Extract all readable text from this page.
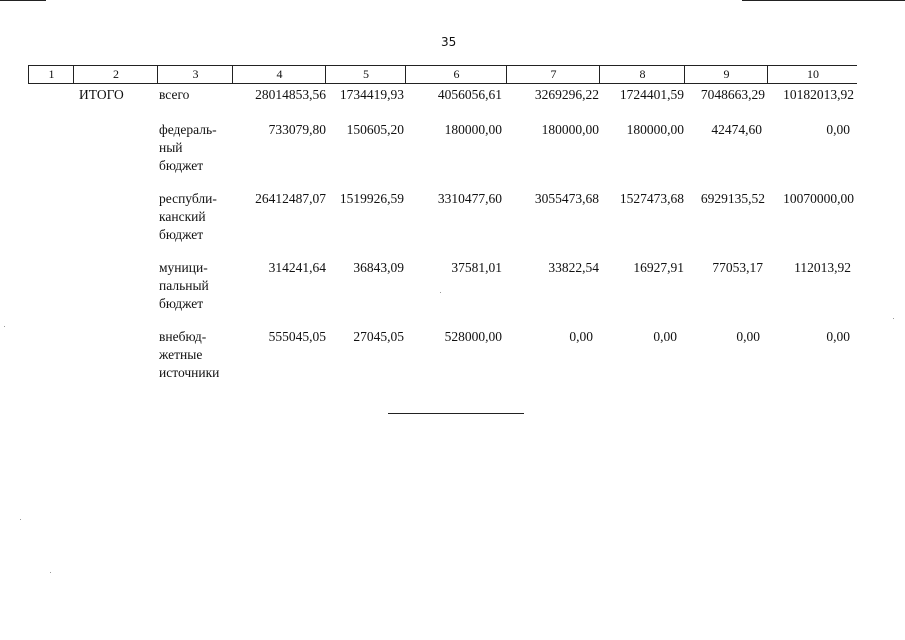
35
1	2	3	4	5	6	7	8	9	10
ИТОГО	всего	28014853,56	1734419,93	4056056,61	3269296,22	1724401,59	7048663,29	10182013,92
федераль-
ный
бюджет
733079,80	150605,20	180000,00	180000,00	180000,00	42474,60	0,00
республи-
канский
бюджет
26412487,07	1519926,59	3310477,60	3055473,68	1527473,68	6929135,52	10070000,00
муници-
пальный
бюджет
314241,64	36843,09	37581,01	33822,54	16927,91	77053,17	112013,92
внебюд-
жетные
источники
555045,05	27045,05	528000,00	0,00	0,00	0,00	0,00
